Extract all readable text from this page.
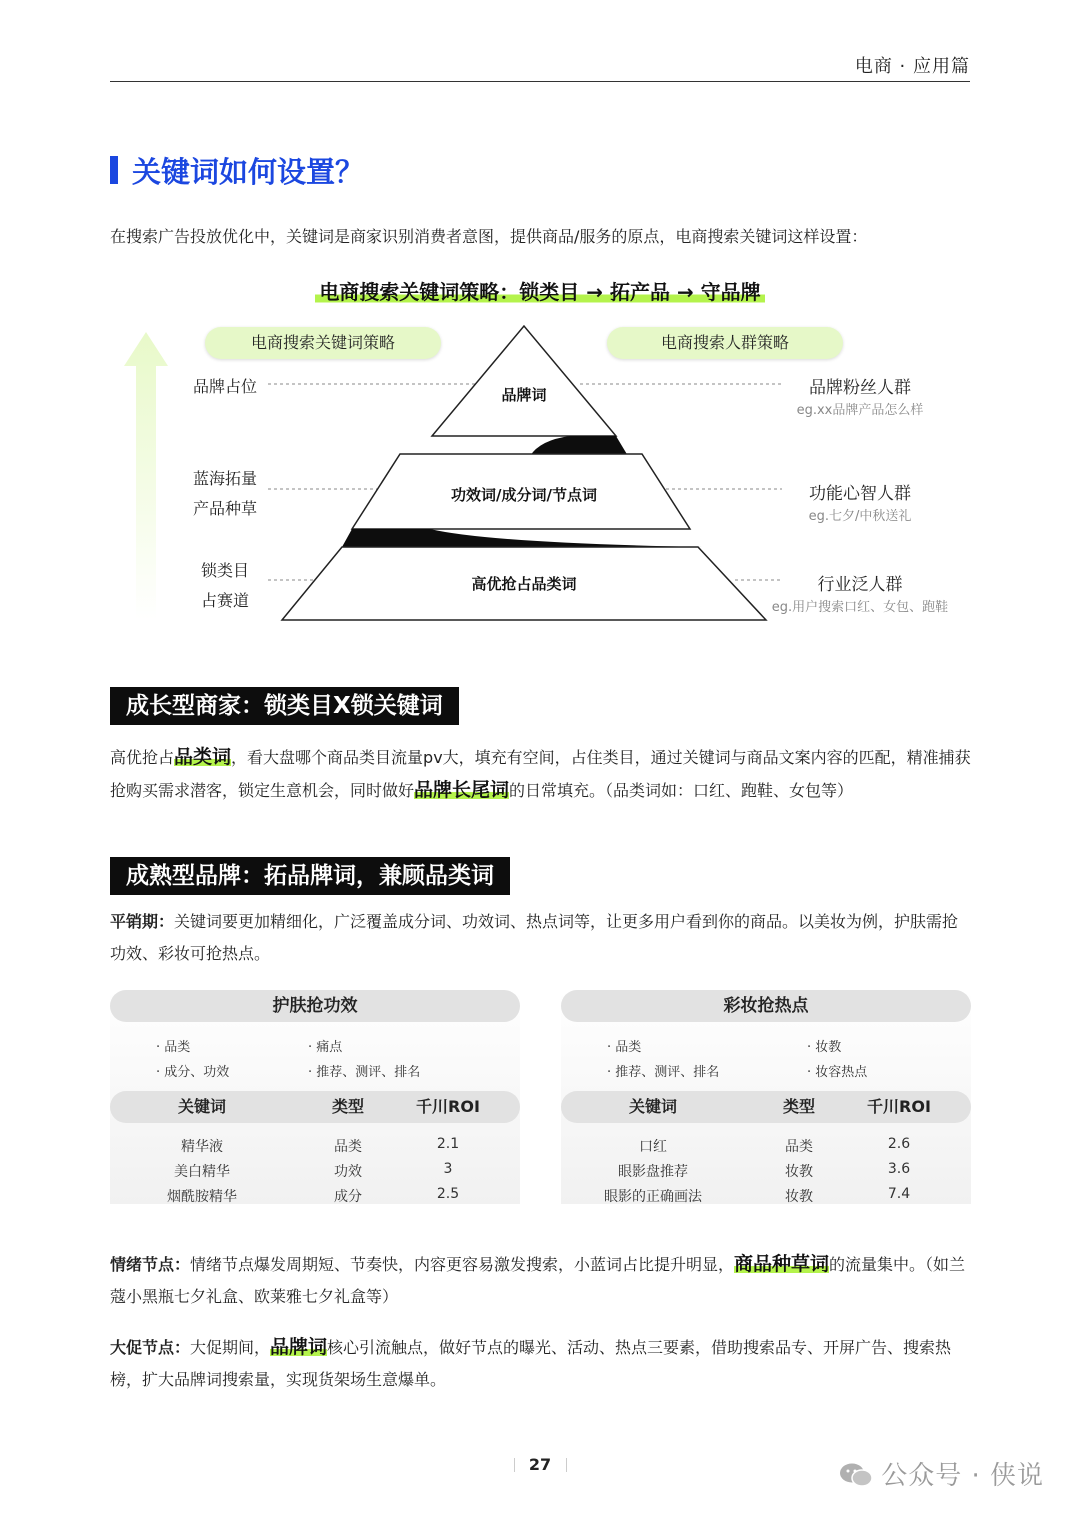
电商 · 应用篇
关键词如何设置？
在搜索广告投放优化中，关键词是商家识别消费者意图，提供商品/服务的原点，电商搜索关键词这样设置：
电商搜索关键词策略：锁类目 → 拓产品 → 守品牌
电商搜索关键词策略	电商搜索人群策略
品牌词
功效词/成分词/节点词
高优抢占品类词
品牌占位
蓝海拓量
产品种草
锁类目
占赛道
品牌粉丝人群
eg.xx品牌产品怎么样
功能心智人群
eg.七夕/中秋送礼
行业泛人群
eg.用户搜索口红、女包、跑鞋
成长型商家：锁类目X锁关键词
高优抢占品类词，看大盘哪个商品类目流量pv大，填充有空间，占住类目，通过关键词与商品文案内容的匹配，精准捕获抢购买需求潜客，锁定生意机会，同时做好品牌长尾词的日常填充。（品类词如：口红、跑鞋、女包等）
成熟型品牌：拓品牌词，兼顾品类词
平销期：关键词要更加精细化，广泛覆盖成分词、功效词、热点词等，让更多用户看到你的商品。以美妆为例，护肤需抢功效、彩妆可抢热点。
护肤抢功效
· 品类	· 痛点
· 成分、功效	· 推荐、测评、排名
关键词	类型	千川ROI
精华液	品类	2.1
美白精华	功效	3
烟酰胺精华	成分	2.5
彩妆抢热点
· 品类	· 妆教
· 推荐、测评、排名	· 妆容热点
关键词	类型	千川ROI
口红	品类	2.6
眼影盘推荐	妆教	3.6
眼影的正确画法	妆教	7.4
情绪节点：情绪节点爆发周期短、节奏快，内容更容易激发搜索，小蓝词占比提升明显，商品种草词的流量集中。（如兰蔻小黑瓶七夕礼盒、欧莱雅七夕礼盒等）
大促节点：大促期间，品牌词核心引流触点，做好节点的曝光、活动、热点三要素，借助搜索品专、开屏广告、搜索热榜，扩大品牌词搜索量，实现货架场生意爆单。
27	公众号 · 侠说
